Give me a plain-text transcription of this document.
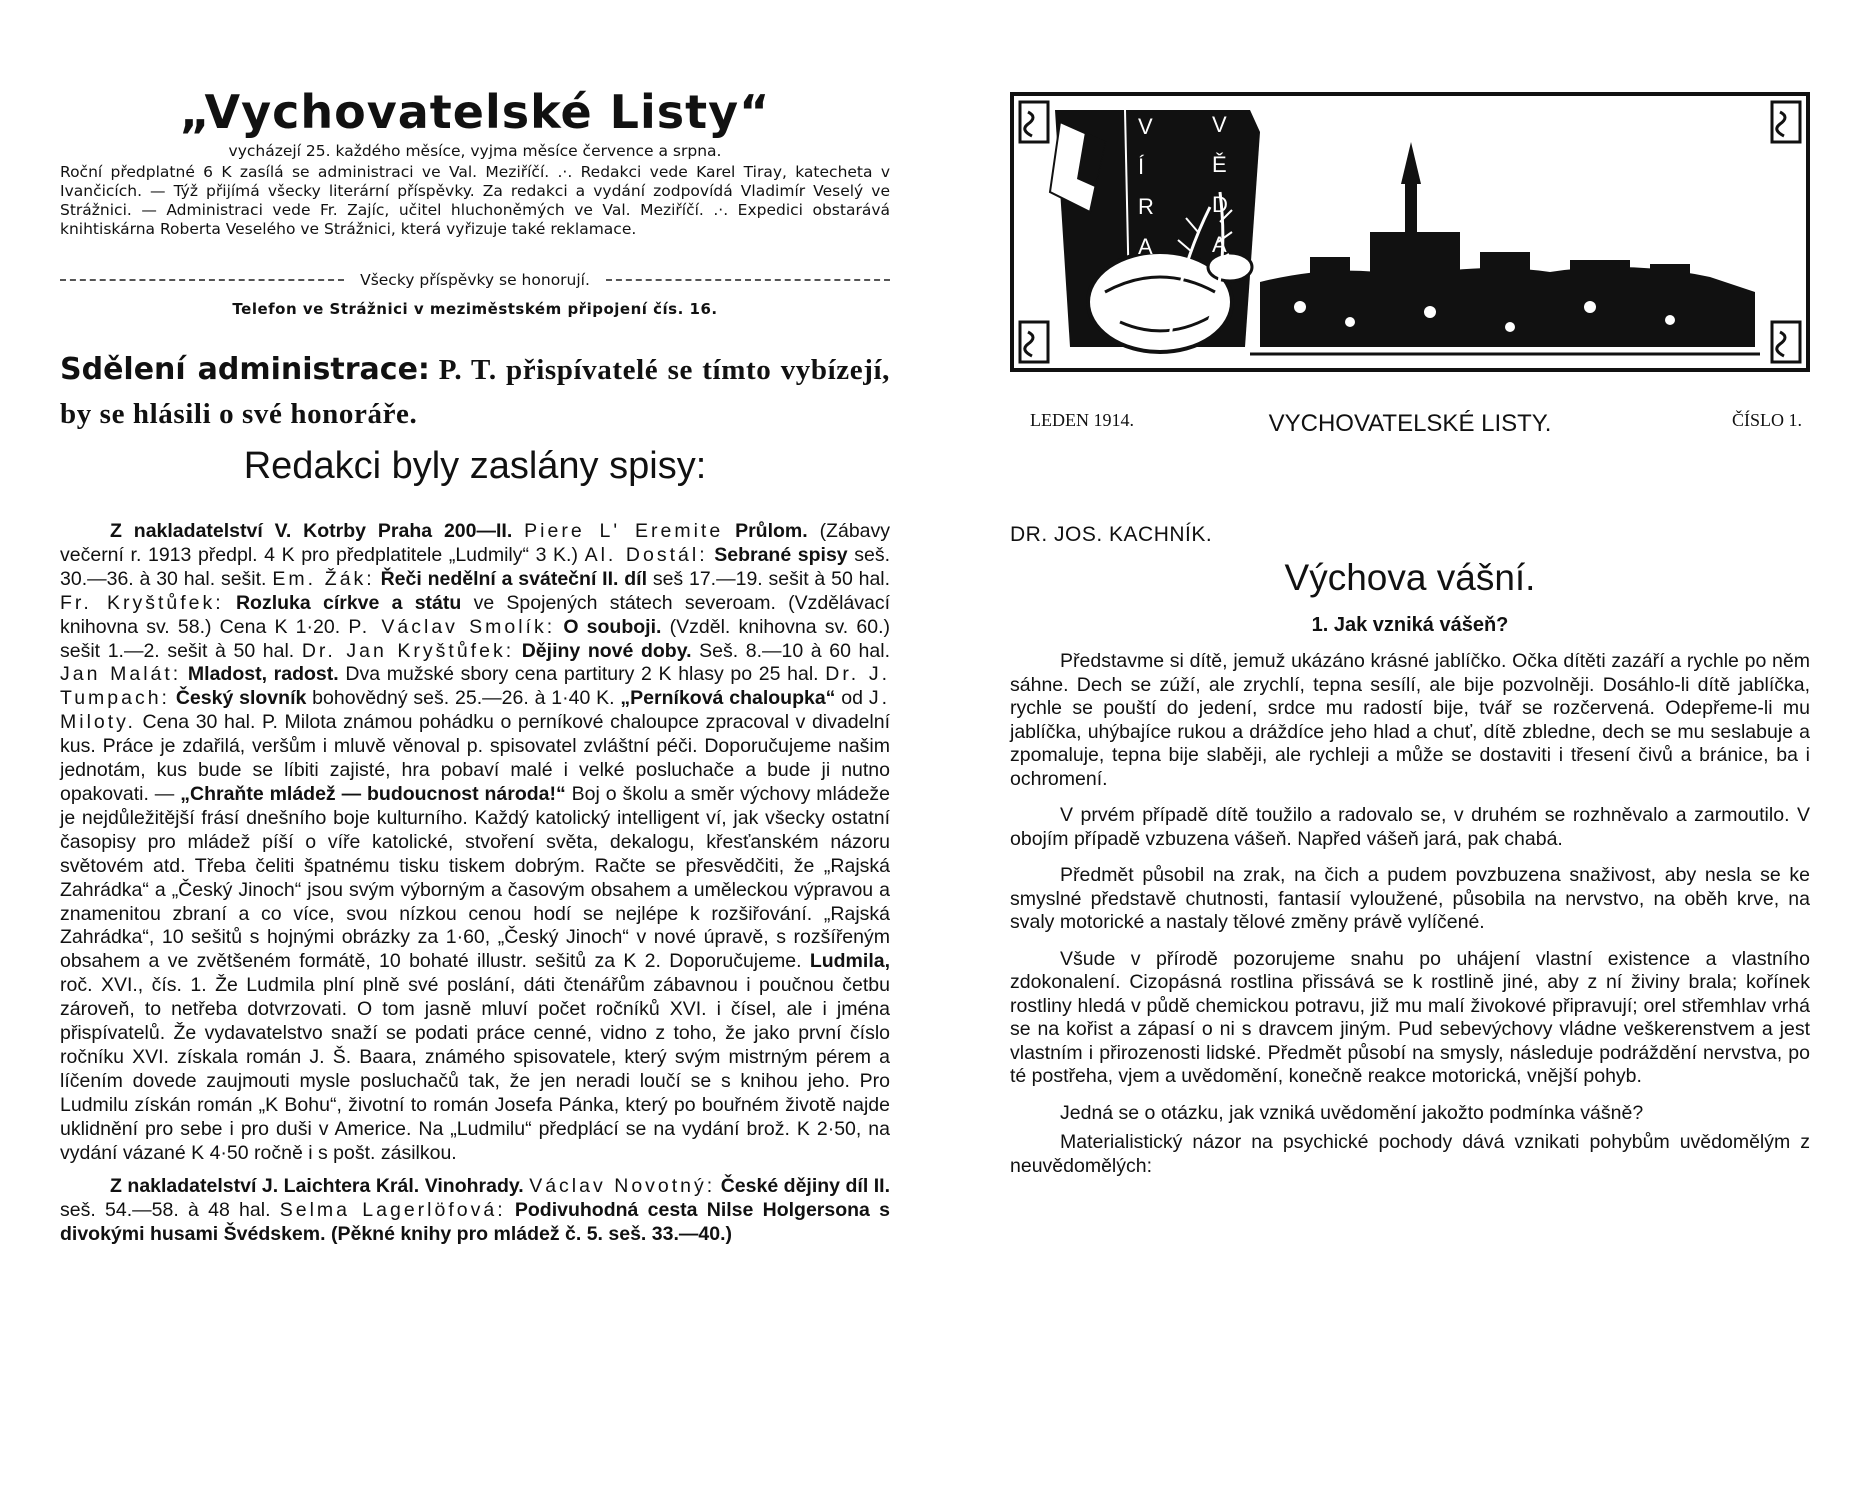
„Vychovatelské Listy“
vycházejí 25. každého měsíce, vyjma měsíce července a srpna.
Roční předplatné 6 K zasílá se administraci ve Val. Meziříčí. .·. Redakci vede Karel Tiray, katecheta v Ivančicích. — Týž přijímá všecky literární příspěvky. Za redakci a vydání zodpovídá Vladimír Veselý ve Strážnici. — Administraci vede Fr. Zajíc, učitel hluchoněmých ve Val. Meziříčí. .·. Expedici obstarává knihtiskárna Roberta Veselého ve Strážnici, která vyřizuje také reklamace.
Všecky příspěvky se honorují.
Telefon ve Strážnici v meziměstském připojení čís. 16.
Sdělení administrace: P. T. přispívatelé se tímto vybízejí, by se hlásili o své honoráře.
Redakci byly zaslány spisy:

Z nakladatelství V. Kotrby Praha 200—II. Piere L' Eremite Průlom. (Zábavy večerní r. 1913 předpl. 4 K pro předplatitele „Ludmily“ 3 K.) Al. Dostál: Sebrané spisy seš. 30.—36. à 30 hal. sešit. Em. Žák: Řeči nedělní a sváteční II. díl seš 17.—19. sešit à 50 hal. Fr. Kryštůfek: Rozluka církve a státu ve Spojených státech severoam. (Vzdělávací knihovna sv. 58.) Cena K 1·20. P. Václav Smolík: O souboji. (Vzděl. knihovna sv. 60.) sešit 1.—2. sešit à 50 hal. Dr. Jan Kryštůfek: Dějiny nové doby. Seš. 8.—10 à 60 hal. Jan Malát: Mladost, radost. Dva mužské sbory cena partitury 2 K hlasy po 25 hal. Dr. J. Tumpach: Český slovník bohovědný seš. 25.—26. à 1·40 K. „Perníková chaloupka“ od J. Miloty. Cena 30 hal. P. Milota známou pohádku o perníkové chaloupce zpracoval v divadelní kus. Práce je zdařilá, veršům i mluvě věnoval p. spisovatel zvláštní péči. Doporučujeme našim jednotám, kus bude se líbiti zajisté, hra pobaví malé i velké posluchače a bude ji nutno opakovati. — „Chraňte mládež — budoucnost národa!“ Boj o školu a směr výchovy mládeže je nejdůležitější frásí dnešního boje kulturního. Každý katolický intelligent ví, jak všecky ostatní časopisy pro mládež píší o víře katolické, stvoření světa, dekalogu, křesťanském názoru světovém atd. Třeba čeliti špatnému tisku tiskem dobrým. Račte se přesvědčiti, že „Rajská Zahrádka“ a „Český Jinoch“ jsou svým výborným a časovým obsahem a uměleckou výpravou a znamenitou zbraní a co více, svou nízkou cenou hodí se nejlépe k rozšiřování. „Rajská Zahrádka“, 10 sešitů s hojnými obrázky za 1·60, „Český Jinoch“ v nové úpravě, s rozšířeným obsahem a ve zvětšeném formátě, 10 bohaté illustr. sešitů za K 2. Doporučujeme. Ludmila, roč. XVI., čís. 1. Že Ludmila plní plně své poslání, dáti čtenářům zábavnou i poučnou četbu zároveň, to netřeba dotvrzovati. O tom jasně mluví počet ročníků XVI. i čísel, ale i jména přispívatelů. Že vydavatelstvo snaží se podati práce cenné, vidno z toho, že jako první číslo ročníku XVI. získala román J. Š. Baara, známého spisovatele, který svým mistrným pérem a líčením dovede zaujmouti mysle posluchačů tak, že jen neradi loučí se s knihou jeho. Pro Ludmilu získán román „K Bohu“, životní to román Josefa Pánka, který po bouřném životě najde uklidnění pro sebe i pro duši v Americe. Na „Ludmilu“ předplácí se na vydání brož. K 2·50, na vydání vázané K 4·50 ročně i s pošt. zásilkou.

Z nakladatelství J. Laichtera Král. Vinohrady. Václav Novotný: České dějiny díl II. seš. 54.—58. à 48 hal. Selma Lagerlöfová: Podivuhodná cesta Nilse Holgersona s divokými husami Švédskem. (Pěkné knihy pro mládež č. 5. seš. 33.—40.)

V
Í
R
A
V
Ě
D
A
VYCHOVATELSKÉ LISTY.
LEDEN 1914.	ČÍSLO 1.
DR. JOS. KACHNÍK.
Výchova vášní.
1. Jak vzniká vášeň?

Představme si dítě, jemuž ukázáno krásné jablíčko. Očka dítěti zazáří a rychle po něm sáhne. Dech se zúží, ale zrychlí, tepna sesílí, ale bije pozvolněji. Dosáhlo-li dítě jablíčka, rychle se pouští do jedení, srdce mu radostí bije, tvář se rozčervená. Odepřeme-li mu jablíčka, uhýbajíce rukou a dráždíce jeho hlad a chuť, dítě zbledne, dech se mu seslabuje a zpomaluje, tepna bije slaběji, ale rychleji a může se dostaviti i třesení čivů a bránice, ba i ochromení.

V prvém případě dítě toužilo a radovalo se, v druhém se rozhněvalo a zarmoutilo. V obojím případě vzbuzena vášeň. Napřed vášeň jará, pak chabá.

Předmět působil na zrak, na čich a pudem povzbuzena snaživost, aby nesla se ke smyslné představě chutnosti, fantasií vyloužené, působila na nervstvo, na oběh krve, na svaly motorické a nastaly tělové změny právě vylíčené.

Všude v přírodě pozorujeme snahu po uhájení vlastní existence a vlastního zdokonalení. Cizopásná rostlina přissává se k rostlině jiné, aby z ní živiny brala; kořínek rostliny hledá v půdě chemickou potravu, již mu malí živokové připravují; orel střemhlav vrhá se na kořist a zápasí o ni s dravcem jiným. Pud sebevýchovy vládne veškerenstvem a jest vlastním i přirozenosti lidské. Předmět působí na smysly, následuje podráždění nervstva, po té postřeha, vjem a uvědomění, konečně reakce motorická, vnější pohyb.

Jedná se o otázku, jak vzniká uvědomění jakožto podmínka vášně?

Materialistický názor na psychické pochody dává vznikati pohybům uvědomělým z neuvědomělých:
